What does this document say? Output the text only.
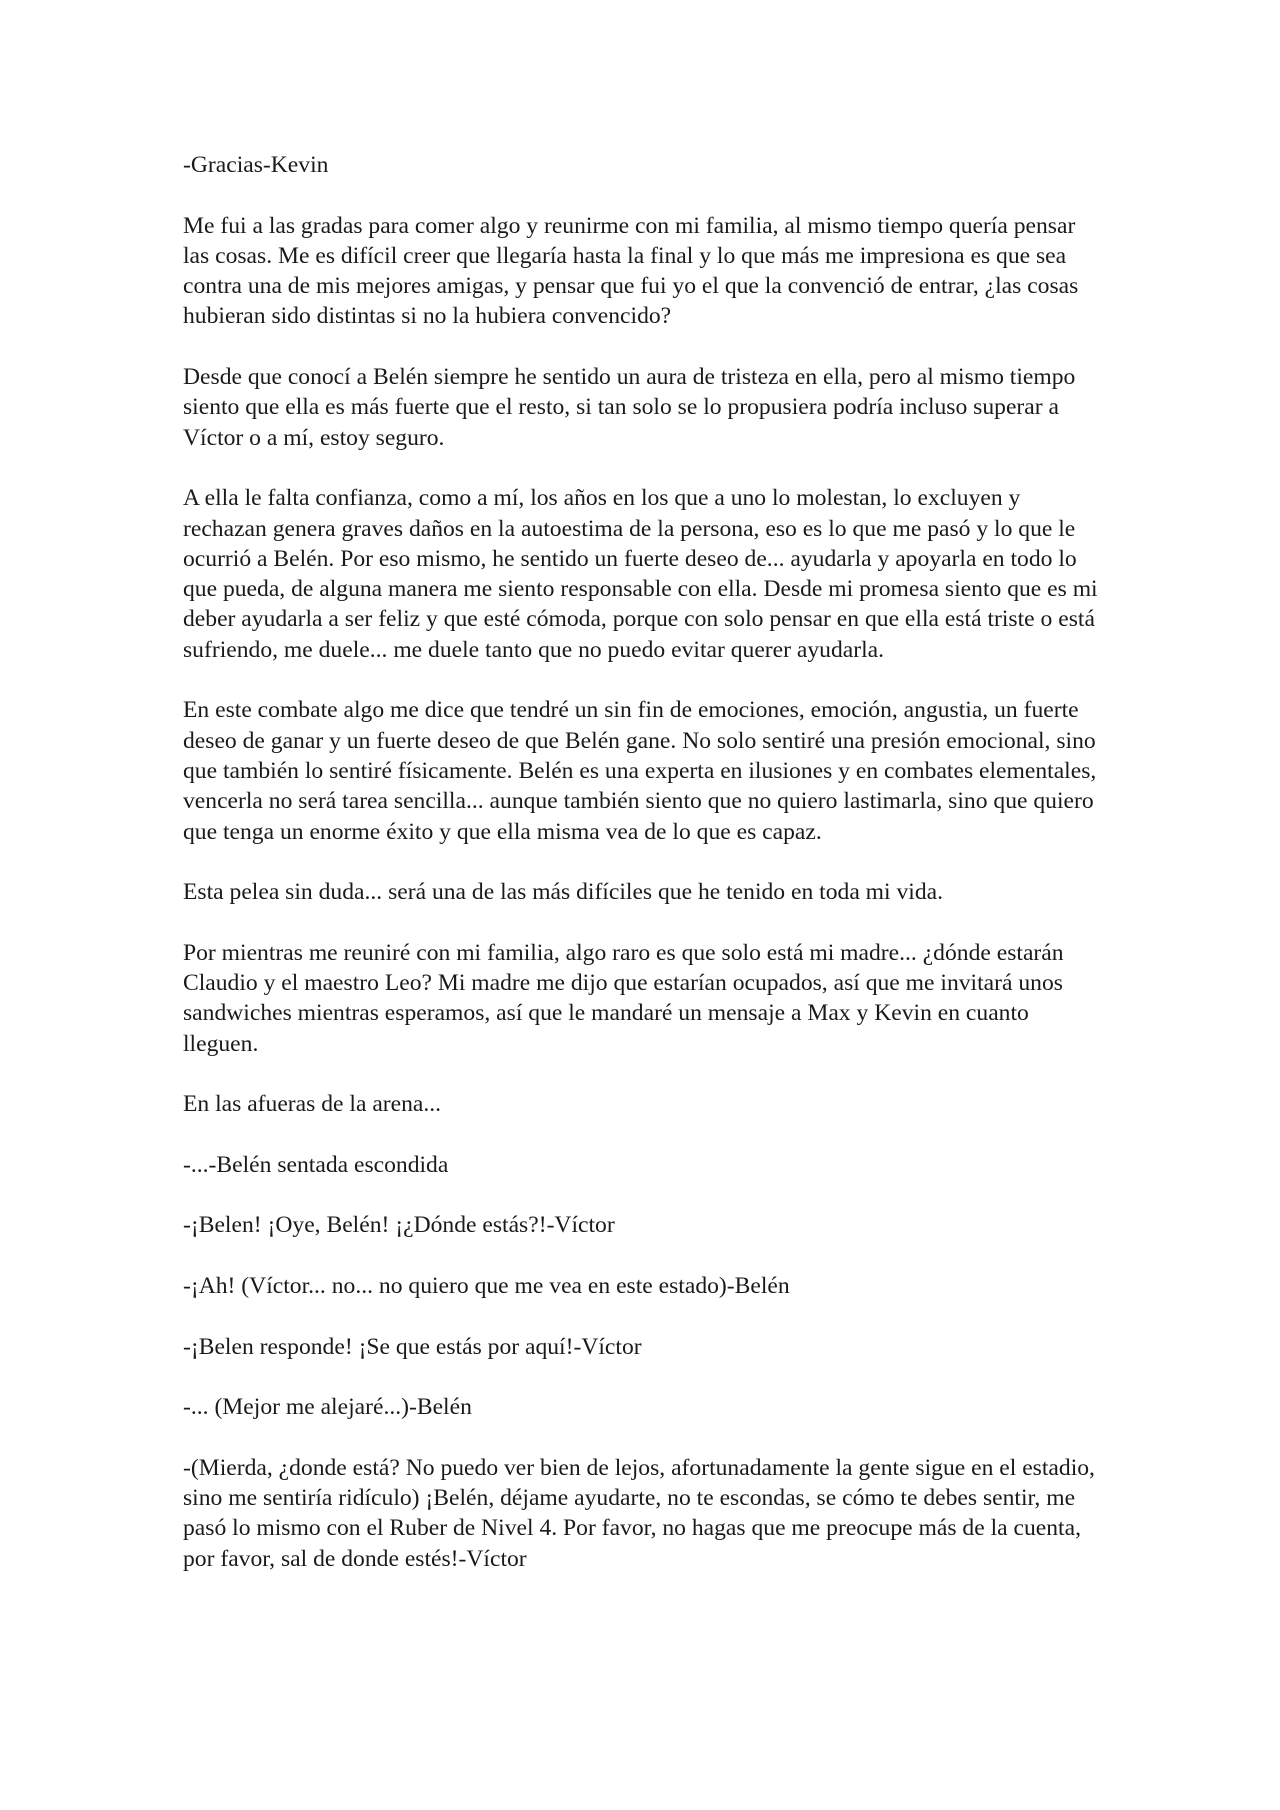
-Gracias-Kevin

Me fui a las gradas para comer algo y reunirme con mi familia, al mismo tiempo quería pensar las cosas. Me es difícil creer que llegaría hasta la final y lo que más me impresiona es que sea contra una de mis mejores amigas, y pensar que fui yo el que la convenció de entrar, ¿las cosas hubieran sido distintas si no la hubiera convencido?

Desde que conocí a Belén siempre he sentido un aura de tristeza en ella, pero al mismo tiempo siento que ella es más fuerte que el resto, si tan solo se lo propusiera podría incluso superar a Víctor o a mí, estoy seguro.

A ella le falta confianza, como a mí, los años en los que a uno lo molestan, lo excluyen y rechazan genera graves daños en la autoestima de la persona, eso es lo que me pasó y lo que le ocurrió a Belén. Por eso mismo, he sentido un fuerte deseo de... ayudarla y apoyarla en todo lo que pueda, de alguna manera me siento responsable con ella. Desde mi promesa siento que es mi deber ayudarla a ser feliz y que esté cómoda, porque con solo pensar en que ella está triste o está sufriendo, me duele... me duele tanto que no puedo evitar querer ayudarla.

En este combate algo me dice que tendré un sin fin de emociones, emoción, angustia, un fuerte deseo de ganar y un fuerte deseo de que Belén gane. No solo sentiré una presión emocional, sino que también lo sentiré físicamente. Belén es una experta en ilusiones y en combates elementales, vencerla no será tarea sencilla... aunque también siento que no quiero lastimarla, sino que quiero que tenga un enorme éxito y que ella misma vea de lo que es capaz.

Esta pelea sin duda... será una de las más difíciles que he tenido en toda mi vida.

Por mientras me reuniré con mi familia, algo raro es que solo está mi madre... ¿dónde estarán Claudio y el maestro Leo? Mi madre me dijo que estarían ocupados, así que me invitará unos sandwiches mientras esperamos, así que le mandaré un mensaje a Max y Kevin en cuanto lleguen.

En las afueras de la arena...

-...-Belén sentada escondida

-¡Belen! ¡Oye, Belén! ¡¿Dónde estás?!-Víctor

-¡Ah! (Víctor... no... no quiero que me vea en este estado)-Belén

-¡Belen responde! ¡Se que estás por aquí!-Víctor

-... (Mejor me alejaré...)-Belén

-(Mierda, ¿donde está? No puedo ver bien de lejos, afortunadamente la gente sigue en el estadio, sino me sentiría ridículo) ¡Belén, déjame ayudarte, no te escondas, se cómo te debes sentir, me pasó lo mismo con el Ruber de Nivel 4. Por favor, no hagas que me preocupe más de la cuenta, por favor, sal de donde estés!-Víctor
